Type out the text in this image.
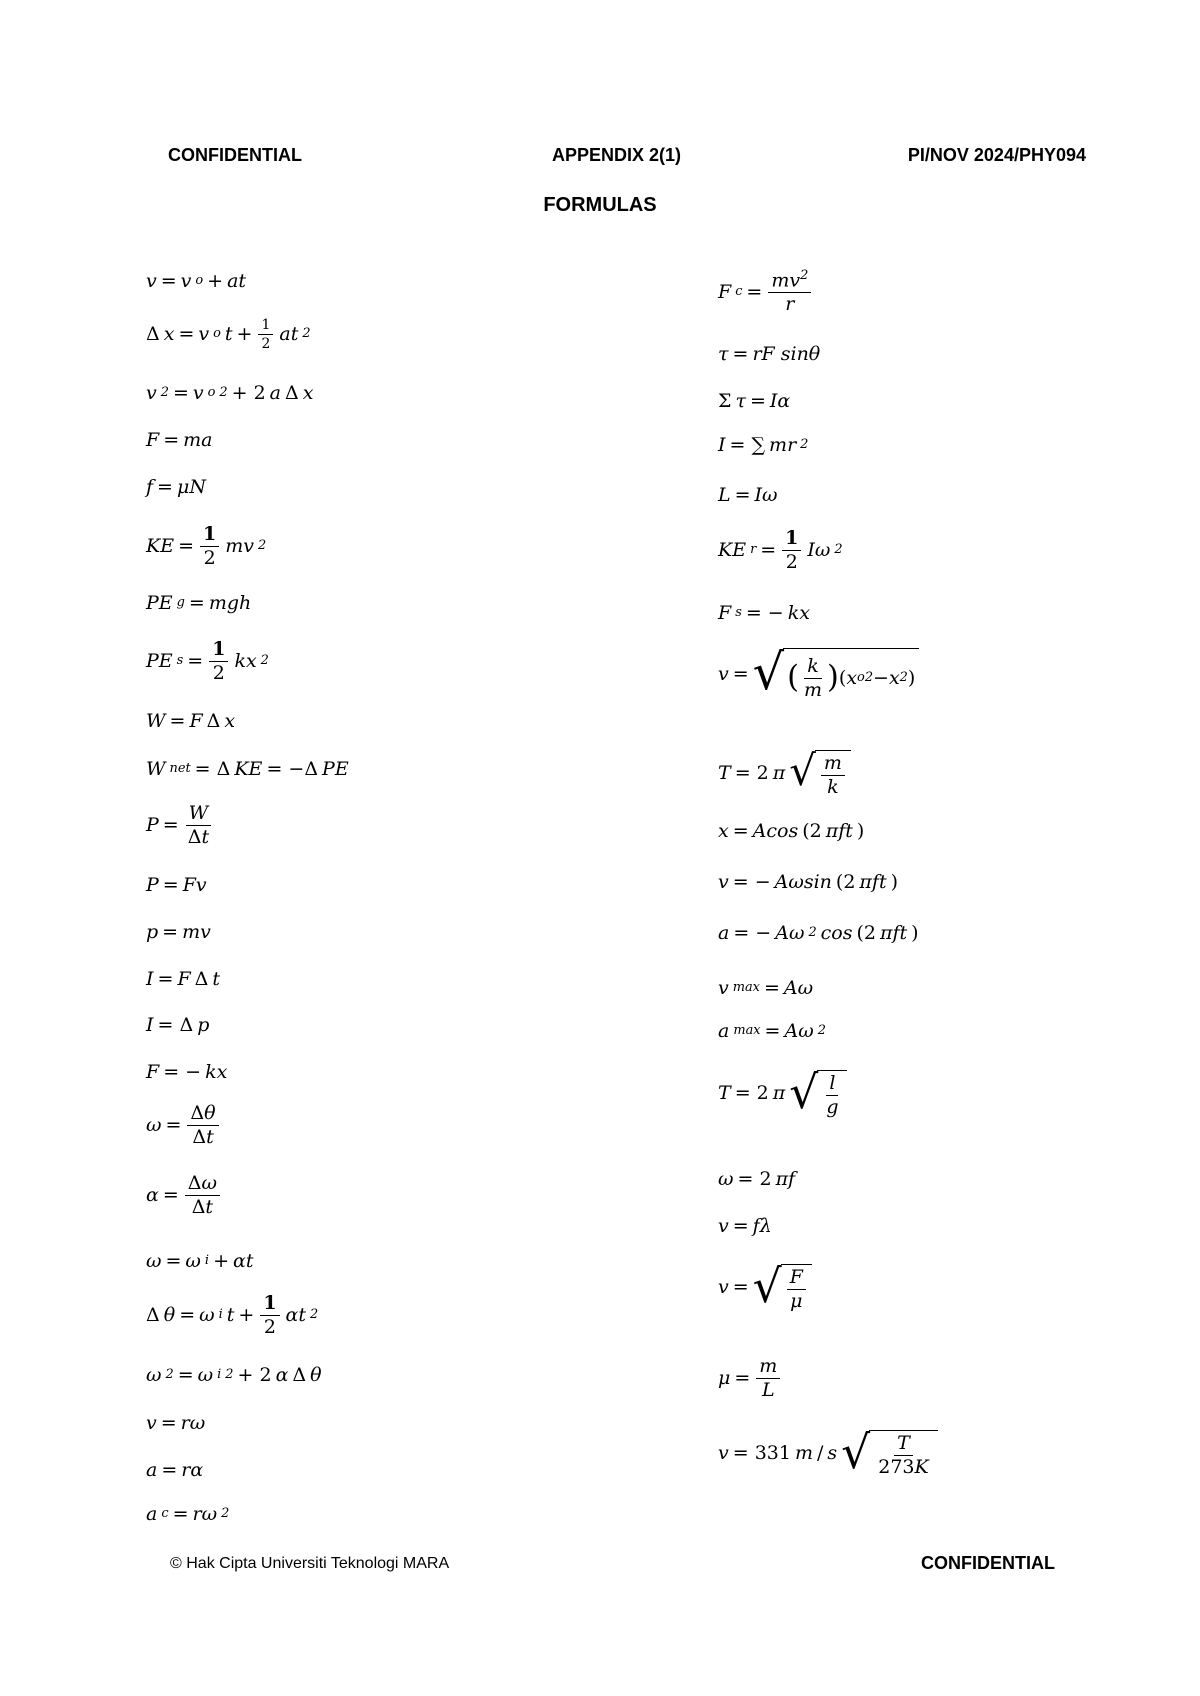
CONFIDENTIAL	APPENDIX 2(1)	PI/NOV 2024/PHY094
FORMULAS
v = v o + at
Δ x = v o $t + \frac{1}{2}$ at 2
v 2 = v o 2 + 2 a Δ x
F = ma
f = μN
KE = $\frac{1}{2}$ mv 2
PE g = mgh
PE $s = \frac{1}{2}$ kx 2
W = F Δ x
W net = Δ KE = −Δ PE
$P = \frac{W}{\Delta t}$
P = Fv
p = mv
I = F Δ t
I = Δ p
F = − kx
$\omega = \frac{\Delta\theta}{\Delta t}$
$\alpha = \frac{\Delta\omega}{\Delta t}$
ω = ω i + αt
Δ θ = ω i $t + \frac{1}{2}$ αt 2
ω 2 = ω i 2 + 2 α Δ θ
v = rω
a = rα
a c = rω 2
F $c = \frac{mv^2}{r}$
τ = rF sinθ
Σ τ = Iα
I = ∑ mr 2
L = Iω
KE $r = \frac{1}{2}$ Iω 2
F s = − kx
v = √ ( $\frac{k}{m}$ ) ( x o 2 − x 2 )
T = 2 π √ $\frac{m}{k}$
x = Acos (2 πft )
v = − Aωsin (2 πft )
a = − Aω 2 cos (2 πft )
v max = Aω
a max = Aω 2
T = 2 π √ $\frac{l}{g}$
ω = 2 πf
v = fλ
v = √ $\frac{F}{\mu}$
$\mu = \frac{m}{L}$
v = 331 m / s √ $\frac{T}{273K}$
© Hak Cipta Universiti Teknologi MARA	CONFIDENTIAL
